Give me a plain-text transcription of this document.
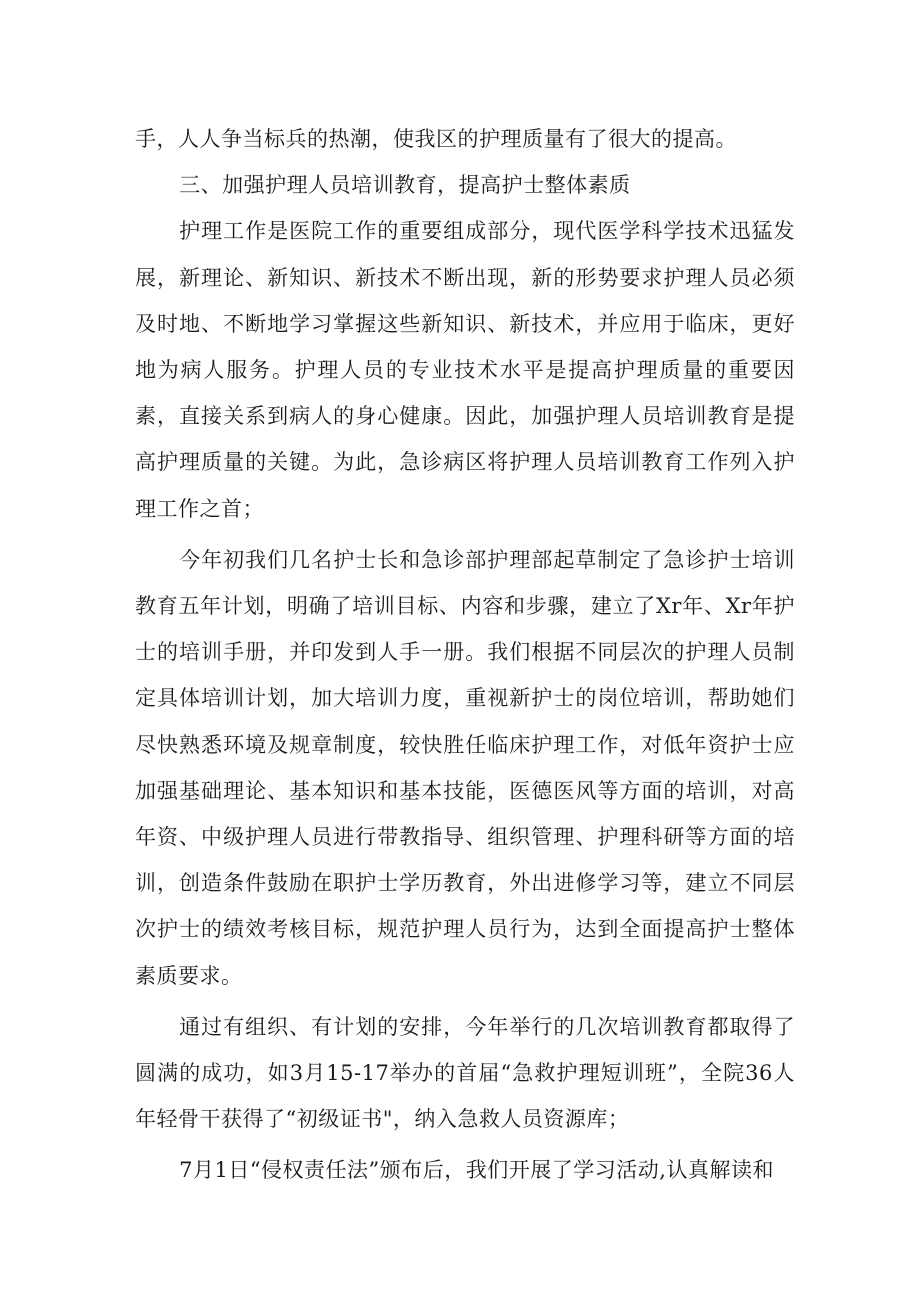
手，人人争当标兵的热潮，使我区的护理质量有了很大的提高。

三、加强护理人员培训教育，提高护士整体素质

护理工作是医院工作的重要组成部分，现代医学科学技术迅猛发展，新理论、新知识、新技术不断出现，新的形势要求护理人员必须及时地、不断地学习掌握这些新知识、新技术，并应用于临床，更好地为病人服务。护理人员的专业技术水平是提高护理质量的重要因素，直接关系到病人的身心健康。因此，加强护理人员培训教育是提高护理质量的关键。为此，急诊病区将护理人员培训教育工作列入护理工作之首；

今年初我们几名护士长和急诊部护理部起草制定了急诊护士培训教育五年计划，明确了培训目标、内容和步骤，建立了Xr年、Xr年护士的培训手册，并印发到人手一册。我们根据不同层次的护理人员制定具体培训计划，加大培训力度，重视新护士的岗位培训，帮助她们尽快熟悉环境及规章制度，较快胜任临床护理工作，对低年资护士应加强基础理论、基本知识和基本技能，医德医风等方面的培训，对高年资、中级护理人员进行带教指导、组织管理、护理科研等方面的培训，创造条件鼓励在职护士学历教育，外出进修学习等，建立不同层次护士的绩效考核目标，规范护理人员行为，达到全面提高护士整体素质要求。

通过有组织、有计划的安排，今年举行的几次培训教育都取得了圆满的成功，如3月15-17举办的首届“急救护理短训班”，全院36人年轻骨干获得了“初级证书"，纳入急救人员资源库；

7月1日“侵权责任法”颁布后，我们开展了学习活动,认真解读和
